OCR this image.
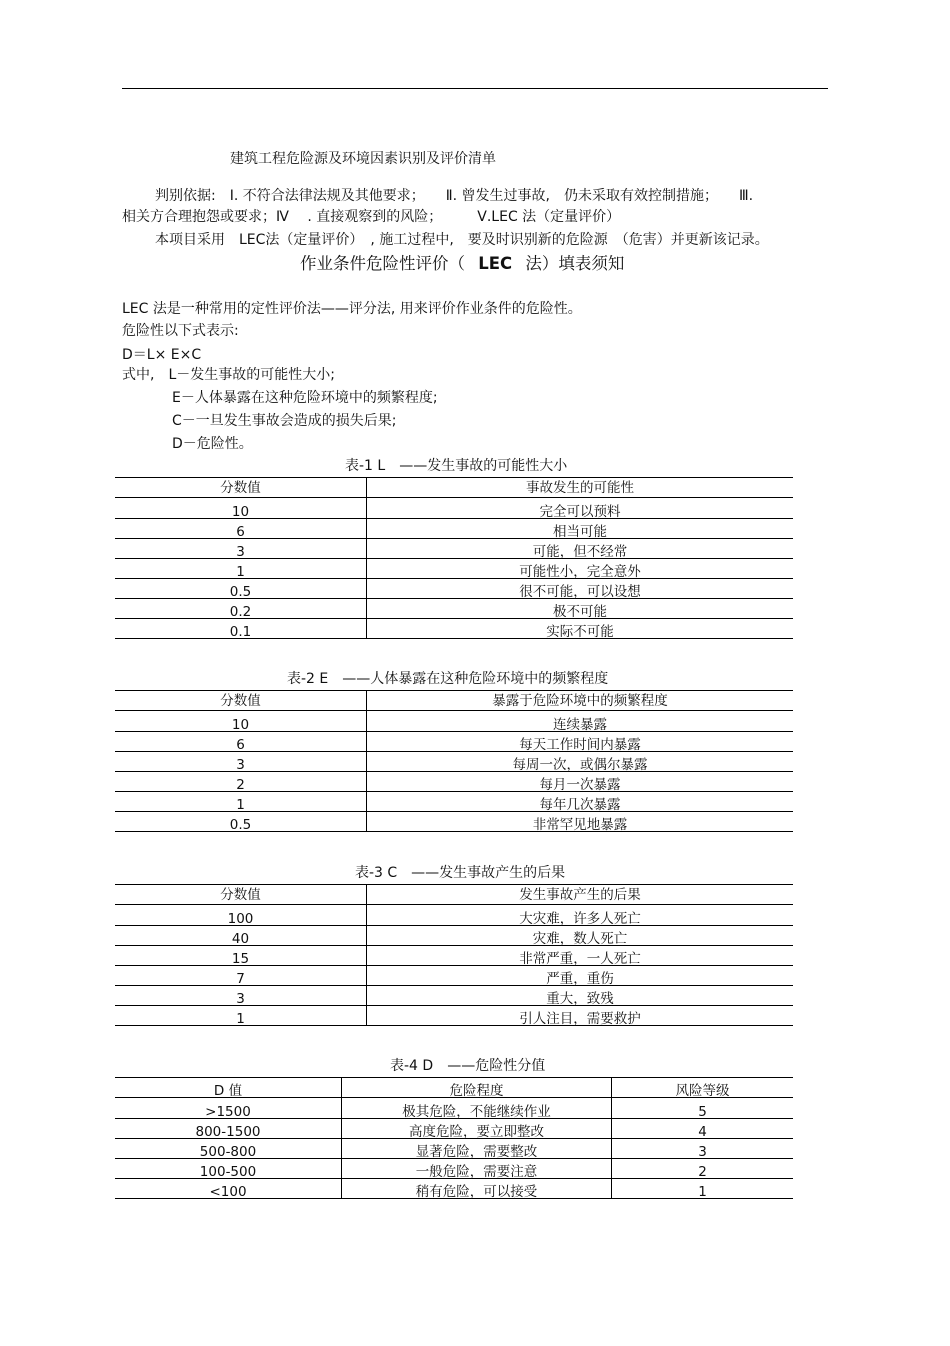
建筑工程危险源及环境因素识别及评价清单
判别依据:　Ⅰ. 不符合法律法规及其他要求；　　Ⅱ. 曾发生过事故,　仍未采取有效控制措施；　　Ⅲ.
相关方合理抱怨或要求；Ⅳ　 . 直接观察到的风险；　　　Ⅴ.LEC 法（定量评价）
本项目采用　LEC法（定量评价）　, 施工过程中,　要及时识别新的危险源　（危害）并更新该记录。
作业条件危险性评价（ LEC 法）填表须知
LEC 法是一种常用的定性评价法——评分法, 用来评价作业条件的危险性。
危险性以下式表示:
D＝L× E×C
式中,　L－发生事故的可能性大小;
E－人体暴露在这种危险环境中的频繁程度;
C－一旦发生事故会造成的损失后果;
D－危险性。
表-1 L　——发生事故的可能性大小
分数值	事故发生的可能性
10	完全可以预料
6	相当可能
3	可能，但不经常
1	可能性小，完全意外
0.5	很不可能，可以设想
0.2	极不可能
0.1	实际不可能
表-2 E　——人体暴露在这种危险环境中的频繁程度
分数值	暴露于危险环境中的频繁程度
10	连续暴露
6	每天工作时间内暴露
3	每周一次，或偶尔暴露
2	每月一次暴露
1	每年几次暴露
0.5	非常罕见地暴露
表-3 C　——发生事故产生的后果
分数值	发生事故产生的后果
100	大灾难，许多人死亡
40	灾难，数人死亡
15	非常严重，一人死亡
7	严重，重伤
3	重大，致残
1	引人注目，需要救护
表-4 D　——危险性分值
D 值	危险程度	风险等级
>1500	极其危险，不能继续作业	5
800-1500	高度危险，要立即整改	4
500-800	显著危险，需要整改	3
100-500	一般危险，需要注意	2
<100	稍有危险，可以接受	1
